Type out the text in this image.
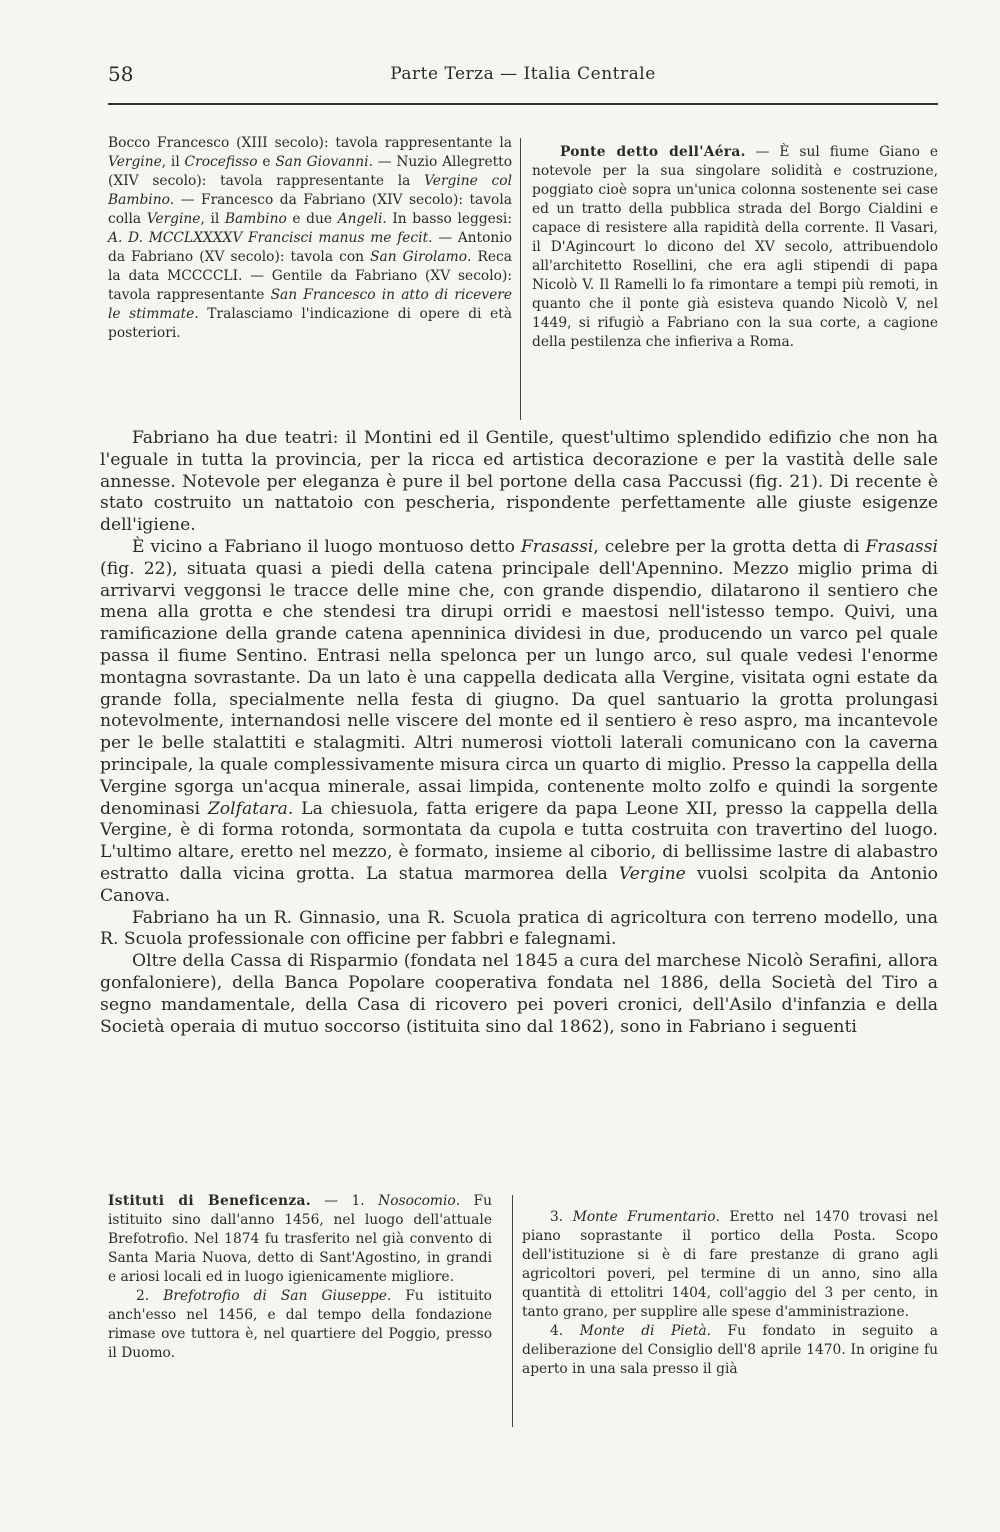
58	Parte Terza — Italia Centrale

Bocco Francesco (XIII secolo): tavola rappresentante la Vergine, il Crocefisso e San Giovanni. — Nuzio Allegretto (XIV secolo): tavola rappresentante la Vergine col Bambino. — Francesco da Fabriano (XIV secolo): tavola colla Vergine, il Bambino e due Angeli. In basso leggesi: A. D. MCCLXXXXV Francisci manus me fecit. — Antonio da Fabriano (XV secolo): tavola con San Girolamo. Reca la data MCCCCLI. — Gentile da Fabriano (XV secolo): tavola rappresentante San Francesco in atto di ricevere le stimmate. Tralasciamo l'indicazione di opere di età posteriori.

Ponte detto dell'Aéra. — È sul fiume Giano e notevole per la sua singolare solidità e costruzione, poggiato cioè sopra un'unica colonna sostenente sei case ed un tratto della pubblica strada del Borgo Cialdini e capace di resistere alla rapidità della corrente. Il Vasari, il D'Agincourt lo dicono del XV secolo, attribuendolo all'architetto Rosellini, che era agli stipendi di papa Nicolò V. Il Ramelli lo fa rimontare a tempi più remoti, in quanto che il ponte già esisteva quando Nicolò V, nel 1449, si rifugiò a Fabriano con la sua corte, a cagione della pestilenza che infieriva a Roma.

Fabriano ha due teatri: il Montini ed il Gentile, quest'ultimo splendido edifizio che non ha l'eguale in tutta la provincia, per la ricca ed artistica decorazione e per la vastità delle sale annesse. Notevole per eleganza è pure il bel portone della casa Paccussi (fig. 21). Di recente è stato costruito un nattatoio con pescheria, rispondente perfettamente alle giuste esigenze dell'igiene.

È vicino a Fabriano il luogo montuoso detto Frasassi, celebre per la grotta detta di Frasassi (fig. 22), situata quasi a piedi della catena principale dell'Apennino. Mezzo miglio prima di arrivarvi veggonsi le tracce delle mine che, con grande dispendio, dilatarono il sentiero che mena alla grotta e che stendesi tra dirupi orridi e maestosi nell'istesso tempo. Quivi, una ramificazione della grande catena apenninica dividesi in due, producendo un varco pel quale passa il fiume Sentino. Entrasi nella spelonca per un lungo arco, sul quale vedesi l'enorme montagna sovrastante. Da un lato è una cappella dedicata alla Vergine, visitata ogni estate da grande folla, specialmente nella festa di giugno. Da quel santuario la grotta prolungasi notevolmente, internandosi nelle viscere del monte ed il sentiero è reso aspro, ma incantevole per le belle stalattiti e stalagmiti. Altri numerosi viottoli laterali comunicano con la caverna principale, la quale complessivamente misura circa un quarto di miglio. Presso la cappella della Vergine sgorga un'acqua minerale, assai limpida, contenente molto zolfo e quindi la sorgente denominasi Zolfatara. La chiesuola, fatta erigere da papa Leone XII, presso la cappella della Vergine, è di forma rotonda, sormontata da cupola e tutta costruita con travertino del luogo. L'ultimo altare, eretto nel mezzo, è formato, insieme al ciborio, di bellissime lastre di alabastro estratto dalla vicina grotta. La statua marmorea della Vergine vuolsi scolpita da Antonio Canova.

Fabriano ha un R. Ginnasio, una R. Scuola pratica di agricoltura con terreno modello, una R. Scuola professionale con officine per fabbri e falegnami.

Oltre della Cassa di Risparmio (fondata nel 1845 a cura del marchese Nicolò Serafini, allora gonfaloniere), della Banca Popolare cooperativa fondata nel 1886, della Società del Tiro a segno mandamentale, della Casa di ricovero pei poveri cronici, dell'Asilo d'infanzia e della Società operaia di mutuo soccorso (istituita sino dal 1862), sono in Fabriano i seguenti

Istituti di Beneficenza. — 1. Nosocomio. Fu istituito sino dall'anno 1456, nel luogo dell'attuale Brefotrofio. Nel 1874 fu trasferito nel già convento di Santa Maria Nuova, detto di Sant'Agostino, in grandi e ariosi locali ed in luogo igienicamente migliore.

2. Brefotrofio di San Giuseppe. Fu istituito anch'esso nel 1456, e dal tempo della fondazione rimase ove tuttora è, nel quartiere del Poggio, presso il Duomo.

3. Monte Frumentario. Eretto nel 1470 trovasi nel piano soprastante il portico della Posta. Scopo dell'istituzione si è di fare prestanze di grano agli agricoltori poveri, pel termine di un anno, sino alla quantità di ettolitri 1404, coll'aggio del 3 per cento, in tanto grano, per supplire alle spese d'amministrazione.

4. Monte di Pietà. Fu fondato in seguito a deliberazione del Consiglio dell'8 aprile 1470. In origine fu aperto in una sala presso il già
